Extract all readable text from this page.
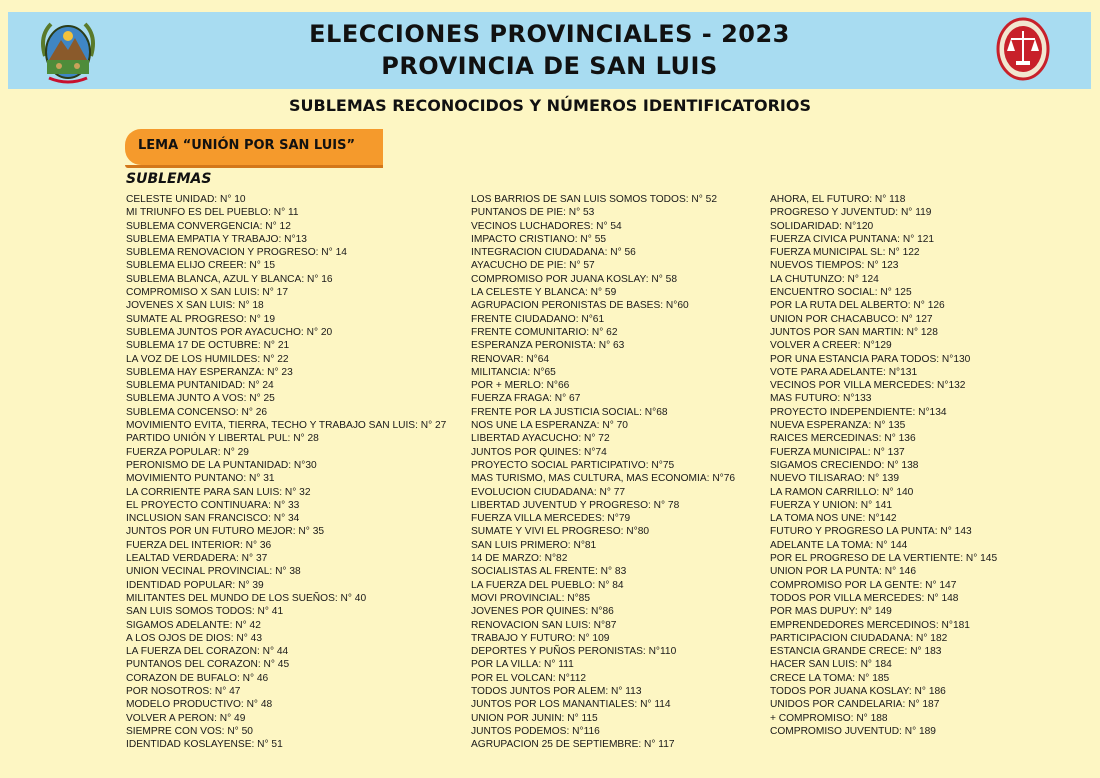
ELECCIONES PROVINCIALES - 2023
PROVINCIA DE SAN LUIS
SUBLEMAS RECONOCIDOS Y NÚMEROS IDENTIFICATORIOS
LEMA “UNIÓN POR SAN LUIS”
SUBLEMAS
CELESTE UNIDAD: N° 10
MI TRIUNFO ES DEL PUEBLO: N° 11
SUBLEMA CONVERGENCIA: N° 12
SUBLEMA EMPATIA Y TRABAJO: N°13
SUBLEMA RENOVACION Y PROGRESO: N° 14
SUBLEMA ELIJO CREER: N° 15
SUBLEMA BLANCA, AZUL Y BLANCA: N° 16
COMPROMISO X SAN LUIS: N° 17
JOVENES X SAN LUIS: N° 18
SUMATE AL PROGRESO: N° 19
SUBLEMA JUNTOS POR AYACUCHO: N° 20
SUBLEMA 17 DE OCTUBRE: N° 21
LA VOZ DE LOS HUMILDES: N° 22
SUBLEMA HAY ESPERANZA: N° 23
SUBLEMA PUNTANIDAD: N° 24
SUBLEMA JUNTO A VOS: N° 25
SUBLEMA CONCENSO: N° 26
MOVIMIENTO EVITA, TIERRA, TECHO Y TRABAJO SAN LUIS: N° 27
PARTIDO UNIÓN Y LIBERTAL PUL: N° 28
FUERZA POPULAR: N° 29
PERONISMO DE LA PUNTANIDAD: N°30
MOVIMIENTO PUNTANO: N° 31
LA CORRIENTE PARA SAN LUIS: N° 32
EL PROYECTO CONTINUARA: N° 33
INCLUSION SAN FRANCISCO: N° 34
JUNTOS POR UN FUTURO MEJOR: N° 35
FUERZA DEL INTERIOR: N° 36
LEALTAD VERDADERA: N° 37
UNION VECINAL PROVINCIAL: N° 38
IDENTIDAD POPULAR: N° 39
MILITANTES DEL MUNDO DE LOS SUEÑOS: N° 40
SAN LUIS SOMOS TODOS: N° 41
SIGAMOS ADELANTE: N° 42
A LOS OJOS DE DIOS: N° 43
LA FUERZA DEL CORAZON: N° 44
PUNTANOS DEL CORAZON: N° 45
CORAZON DE BUFALO: N° 46
POR NOSOTROS: N° 47
MODELO PRODUCTIVO: N° 48
VOLVER A PERON: N° 49
SIEMPRE CON VOS: N° 50
IDENTIDAD KOSLAYENSE: N° 51
LOS BARRIOS DE SAN LUIS SOMOS TODOS: N° 52
PUNTANOS DE PIE: N° 53
VECINOS LUCHADORES: N° 54
IMPACTO CRISTIANO: N° 55
INTEGRACION CIUDADANA: N° 56
AYACUCHO DE PIE: N° 57
COMPROMISO POR JUANA KOSLAY: N° 58
LA CELESTE Y BLANCA: N° 59
AGRUPACION PERONISTAS DE BASES: N°60
FRENTE CIUDADANO: N°61
FRENTE COMUNITARIO: N° 62
ESPERANZA PERONISTA: N° 63
RENOVAR: N°64
MILITANCIA: N°65
POR + MERLO: N°66
FUERZA FRAGA: N° 67
FRENTE POR LA JUSTICIA SOCIAL: N°68
NOS UNE LA ESPERANZA: N° 70
LIBERTAD AYACUCHO: N° 72
JUNTOS POR QUINES: N°74
PROYECTO SOCIAL PARTICIPATIVO: N°75
MAS TURISMO, MAS CULTURA, MAS ECONOMIA: N°76
EVOLUCION CIUDADANA: N° 77
LIBERTAD JUVENTUD Y PROGRESO: N° 78
FUERZA VILLA MERCEDES: N°79
SUMATE Y VIVI EL PROGRESO: N°80
SAN LUIS PRIMERO: N°81
14 DE MARZO: N°82
SOCIALISTAS AL FRENTE: N° 83
LA FUERZA DEL PUEBLO: N° 84
MOVI PROVINCIAL: N°85
JOVENES POR QUINES: N°86
RENOVACION SAN LUIS: N°87
TRABAJO Y FUTURO: N° 109
DEPORTES Y PUÑOS PERONISTAS: N°110
POR LA VILLA: N° 111
POR EL VOLCAN: N°112
TODOS JUNTOS POR ALEM: N° 113
JUNTOS POR LOS MANANTIALES: N° 114
UNION POR JUNIN: N° 115
JUNTOS PODEMOS: N°116
AGRUPACION 25 DE SEPTIEMBRE: N° 117
AHORA, EL FUTURO: N° 118
PROGRESO Y JUVENTUD: N° 119
SOLIDARIDAD: N°120
FUERZA CIVICA PUNTANA: N° 121
FUERZA MUNICIPAL SL: N° 122
NUEVOS TIEMPOS: N° 123
LA CHUTUNZO: N° 124
ENCUENTRO SOCIAL: N° 125
POR LA RUTA DEL ALBERTO: N° 126
UNION POR CHACABUCO: N° 127
JUNTOS POR SAN MARTIN: N° 128
VOLVER A CREER: N°129
POR UNA ESTANCIA PARA TODOS: N°130
VOTE PARA ADELANTE: N°131
VECINOS POR VILLA MERCEDES: N°132
MAS FUTURO: N°133
PROYECTO INDEPENDIENTE: N°134
NUEVA ESPERANZA: N° 135
RAICES MERCEDINAS: N° 136
FUERZA MUNICIPAL: N° 137
SIGAMOS CRECIENDO: N° 138
NUEVO TILISARAO: N° 139
LA RAMON CARRILLO: N° 140
FUERZA Y UNION: N° 141
LA TOMA NOS UNE: N°142
FUTURO Y PROGRESO LA PUNTA: N° 143
ADELANTE LA TOMA: N° 144
POR EL PROGRESO DE LA VERTIENTE: N° 145
UNION POR LA PUNTA: N° 146
COMPROMISO POR LA GENTE: N° 147
TODOS POR VILLA MERCEDES: N° 148
POR MAS DUPUY: N° 149
EMPRENDEDORES MERCEDINOS: N°181
PARTICIPACION CIUDADANA: N° 182
ESTANCIA GRANDE CRECE: N° 183
HACER SAN LUIS: N° 184
CRECE LA TOMA: N° 185
TODOS POR JUANA KOSLAY: N° 186
UNIDOS POR CANDELARIA: N° 187
+ COMPROMISO: N° 188
COMPROMISO JUVENTUD: N° 189
